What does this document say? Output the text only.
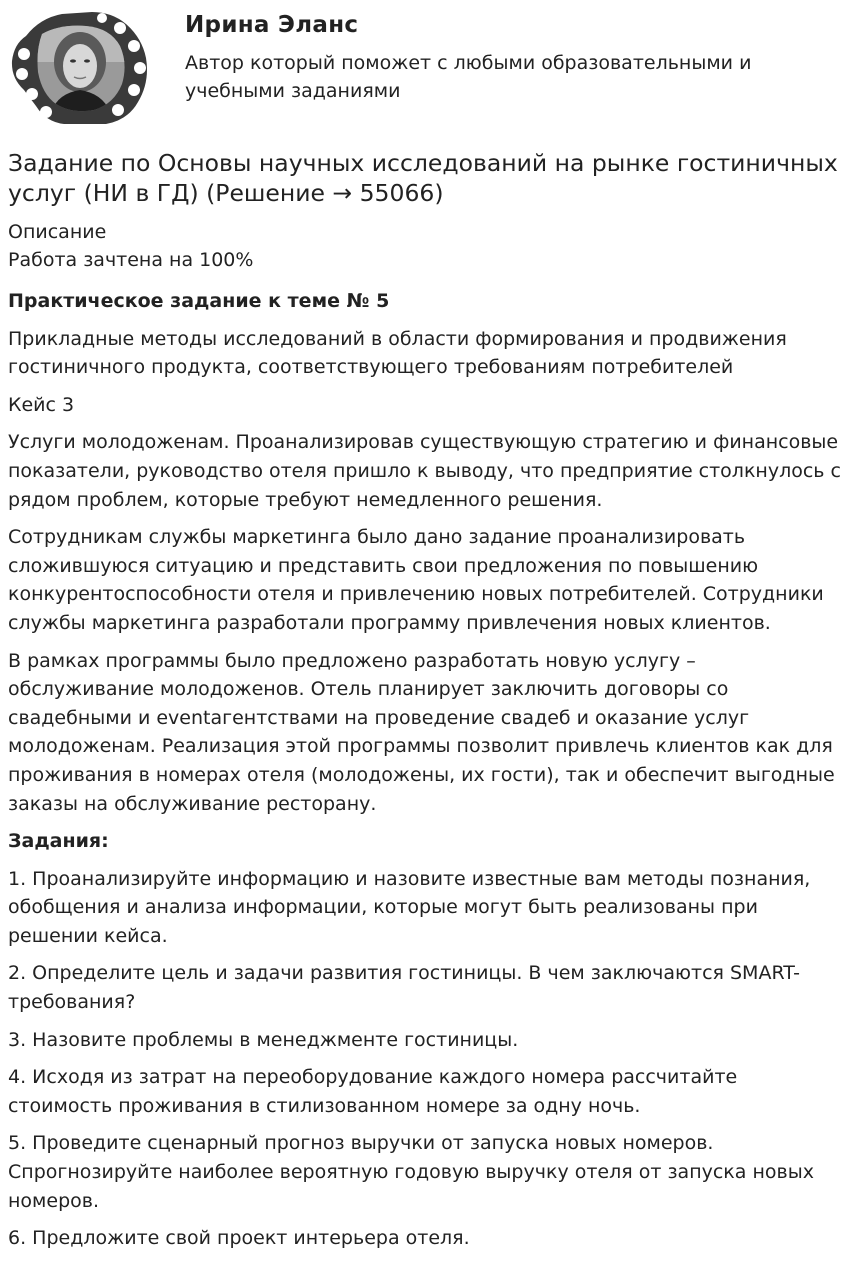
Ирина Эланс
Автор который поможет с любыми образовательными и учебными заданиями
Задание по Основы научных исследований на рынке гостиничных услуг (НИ в ГД) (Решение → 55066)
Описание
Работа зачтена на 100%

Практическое задание к теме № 5

Прикладные методы исследований в области формирования и продвижения гостиничного продукта, соответствующего требованиям потребителей

Кейс 3

Услуги молодоженам. Проанализировав существующую стратегию и финансовые показатели, руководство отеля пришло к выводу, что предприятие столкнулось с рядом проблем, которые требуют немедленного решения.

Сотрудникам службы маркетинга было дано задание проанализировать сложившуюся ситуацию и представить свои предложения по повышению конкурентоспособности отеля и привлечению новых потребителей. Сотрудники службы маркетинга разработали программу привлечения новых клиентов.

В рамках программы было предложено разработать новую услугу – обслуживание молодоженов. Отель планирует заключить договоры со свадебными и eventагентствами на проведение свадеб и оказание услуг молодоженам. Реализация этой программы позволит привлечь клиентов как для проживания в номерах отеля (молодожены, их гости), так и обеспечит выгодные заказы на обслуживание ресторану.

Задания:

1. Проанализируйте информацию и назовите известные вам методы познания, обобщения и анализа информации, которые могут быть реализованы при решении кейса.

2. Определите цель и задачи развития гостиницы. В чем заключаются SMART-требования?

3. Назовите проблемы в менеджменте гостиницы.

4. Исходя из затрат на переоборудование каждого номера рассчитайте стоимость проживания в стилизованном номере за одну ночь.

5. Проведите сценарный прогноз выручки от запуска новых номеров. Спрогнозируйте наиболее вероятную годовую выручку отеля от запуска новых номеров.

6. Предложите свой проект интерьера отеля.
